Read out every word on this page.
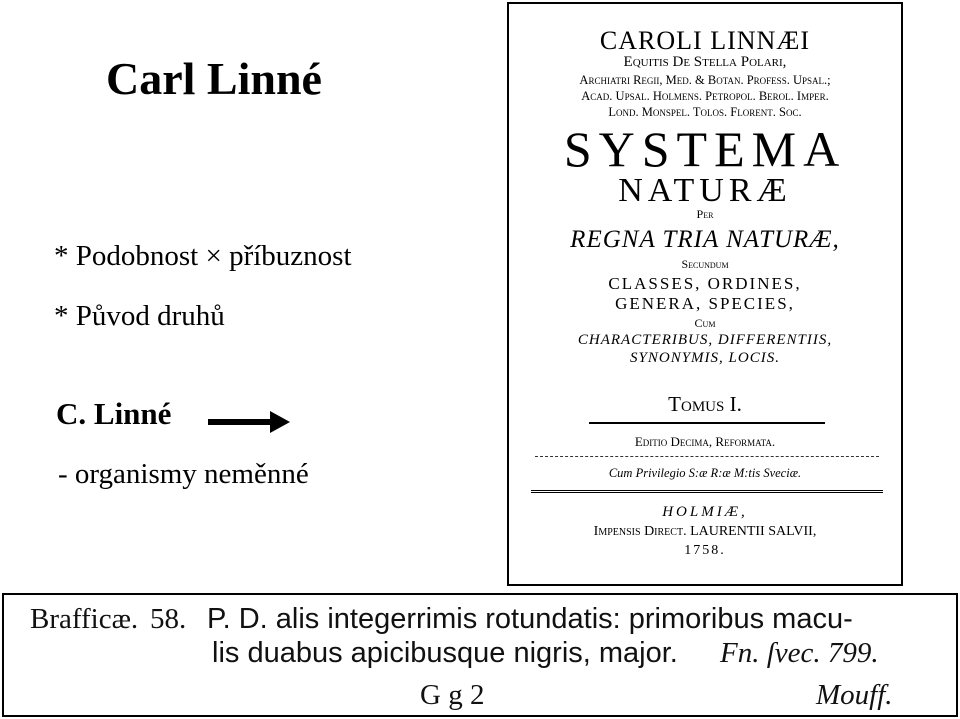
Carl Linné
* Podobnost × příbuznost
* Původ druhů
C. Linné
- organismy neměnné
CAROLI LINNÆI
Equitis De Stella Polari,
Archiatri Regii, Med. & Botan. Profess. Upsal.;
Acad. Upsal. Holmens. Petropol. Berol. Imper.
Lond. Monspel. Tolos. Florent. Soc.
SYSTEMA
NATURÆ
Per
REGNA TRIA NATURÆ,
Secundum
CLASSES, ORDINES,
GENERA, SPECIES,
Cum
CHARACTERIBUS, DIFFERENTIIS,
SYNONYMIS, LOCIS.
Tomus I.
Editio Decima, Reformata.
Cum Privilegio S:æ R:æ M:tis Sveciæ.
HOLMIÆ,
Impensis Direct. LAURENTII SALVII,
1758.
Brafficæ. 58. P. D. alis integerrimis rotundatis: primoribus macu-
lis duabus apicibusque nigris, major. Fn. ſvec. 799.
G g 2	Mouff.
